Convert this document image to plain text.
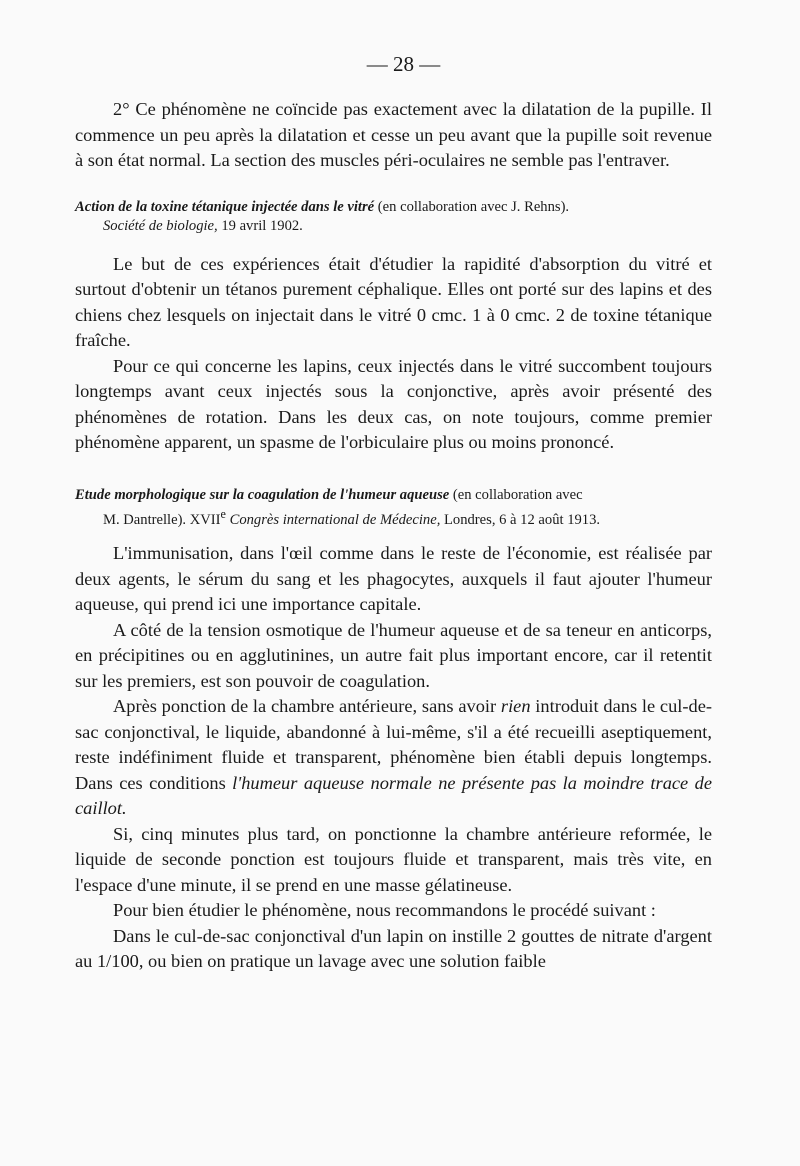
— 28 —

2° Ce phénomène ne coïncide pas exactement avec la dilatation de la pupille. Il commence un peu après la dilatation et cesse un peu avant que la pupille soit revenue à son état normal. La section des muscles péri-oculaires ne semble pas l'entraver.

Action de la toxine tétanique injectée dans le vitré (en collaboration avec J. Rehns).
Société de biologie, 19 avril 1902.

Le but de ces expériences était d'étudier la rapidité d'absorption du vitré et surtout d'obtenir un tétanos purement céphalique. Elles ont porté sur des lapins et des chiens chez lesquels on injectait dans le vitré 0 cmc. 1 à 0 cmc. 2 de toxine tétanique fraîche.

Pour ce qui concerne les lapins, ceux injectés dans le vitré succombent toujours longtemps avant ceux injectés sous la conjonctive, après avoir présenté des phénomènes de rotation. Dans les deux cas, on note toujours, comme premier phénomène apparent, un spasme de l'orbiculaire plus ou moins prononcé.

Etude morphologique sur la coagulation de l'humeur aqueuse (en collaboration avec
M. Dantrelle). XVIIe Congrès international de Médecine, Londres, 6 à 12 août 1913.

L'immunisation, dans l'œil comme dans le reste de l'économie, est réalisée par deux agents, le sérum du sang et les phagocytes, auxquels il faut ajouter l'humeur aqueuse, qui prend ici une importance capitale.

A côté de la tension osmotique de l'humeur aqueuse et de sa teneur en anticorps, en précipitines ou en agglutinines, un autre fait plus important encore, car il retentit sur les premiers, est son pouvoir de coagulation.

Après ponction de la chambre antérieure, sans avoir rien introduit dans le cul-de-sac conjonctival, le liquide, abandonné à lui-même, s'il a été recueilli aseptiquement, reste indéfiniment fluide et transparent, phénomène bien établi depuis longtemps. Dans ces conditions l'humeur aqueuse normale ne présente pas la moindre trace de caillot.

Si, cinq minutes plus tard, on ponctionne la chambre antérieure reformée, le liquide de seconde ponction est toujours fluide et transparent, mais très vite, en l'espace d'une minute, il se prend en une masse gélatineuse.

Pour bien étudier le phénomène, nous recommandons le procédé suivant :

Dans le cul-de-sac conjonctival d'un lapin on instille 2 gouttes de nitrate d'argent au 1/100, ou bien on pratique un lavage avec une solution faible
